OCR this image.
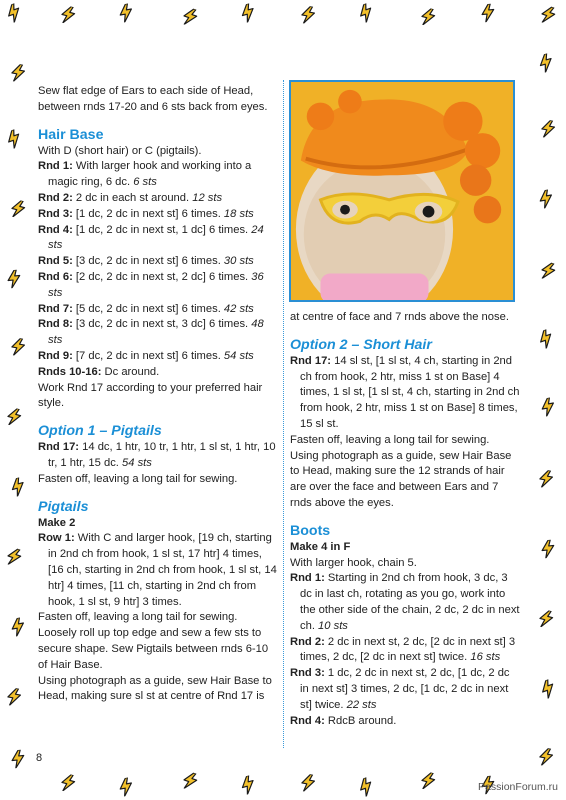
Sew flat edge of Ears to each side of Head, between rnds 17-20 and 6 sts back from eyes.

Hair Base

With D (short hair) or C (pigtails).

Rnd 1: With larger hook and working into a magic ring, 6 dc. 6 sts

Rnd 2: 2 dc in each st around. 12 sts

Rnd 3: [1 dc, 2 dc in next st] 6 times. 18 sts

Rnd 4: [1 dc, 2 dc in next st, 1 dc] 6 times. 24 sts

Rnd 5: [3 dc, 2 dc in next st] 6 times. 30 sts

Rnd 6: [2 dc, 2 dc in next st, 2 dc] 6 times. 36 sts

Rnd 7: [5 dc, 2 dc in next st] 6 times. 42 sts

Rnd 8: [3 dc, 2 dc in next st, 3 dc] 6 times. 48 sts

Rnd 9: [7 dc, 2 dc in next st] 6 times. 54 sts

Rnds 10-16: Dc around.

Work Rnd 17 according to your preferred hair style.

Option 1 – Pigtails

Rnd 17: 14 dc, 1 htr, 10 tr, 1 htr, 1 sl st, 1 htr, 10 tr, 1 htr, 15 dc. 54 sts

Fasten off, leaving a long tail for sewing.

Pigtails

Make 2

Row 1: With C and larger hook, [19 ch, starting in 2nd ch from hook, 1 sl st, 17 htr] 4 times, [16 ch, starting in 2nd ch from hook, 1 sl st, 14 htr] 4 times, [11 ch, starting in 2nd ch from hook, 1 sl st, 9 htr] 3 times.

Fasten off, leaving a long tail for sewing.

Loosely roll up top edge and sew a few sts to secure shape. Sew Pigtails between rnds 6-10 of Hair Base.

Using photograph as a guide, sew Hair Base to Head, making sure sl st at centre of Rnd 17 is

at centre of face and 7 rnds above the nose.

Option 2 – Short Hair

Rnd 17: 14 sl st, [1 sl st, 4 ch, starting in 2nd ch from hook, 2 htr, miss 1 st on Base] 4 times, 1 sl st, [1 sl st, 4 ch, starting in 2nd ch from hook, 2 htr, miss 1 st on Base] 8 times, 15 sl st.

Fasten off, leaving a long tail for sewing.

Using photograph as a guide, sew Hair Base to Head, making sure the 12 strands of hair are over the face and between Ears and 7 rnds above the eyes.

Boots

Make 4 in F

With larger hook, chain 5.

Rnd 1: Starting in 2nd ch from hook, 3 dc, 3 dc in last ch, rotating as you go, work into the other side of the chain, 2 dc, 2 dc in next ch. 10 sts

Rnd 2: 2 dc in next st, 2 dc, [2 dc in next st] 3 times, 2 dc, [2 dc in next st] twice. 16 sts

Rnd 3: 1 dc, 2 dc in next st, 2 dc, [1 dc, 2 dc in next st] 3 times, 2 dc, [1 dc, 2 dc in next st] twice. 22 sts

Rnd 4: RdcB around.

8
PassionForum.ru
